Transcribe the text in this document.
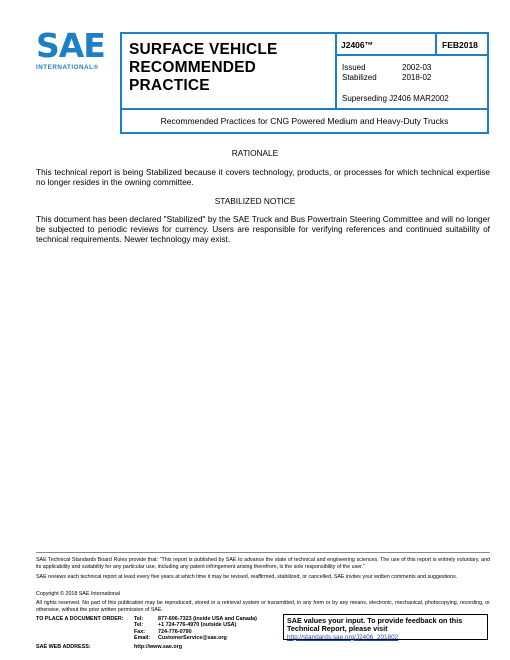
SAE
INTERNATIONAL®
SURFACE VEHICLE
RECOMMENDED PRACTICE
J2406™	FEB2018
Issued	2002-03
Stabilized	2018-02
Superseding J2406 MAR2002
Recommended Practices for CNG Powered Medium and Heavy-Duty Trucks
RATIONALE
This technical report is being Stabilized because it covers technology, products, or processes for which technical expertise no longer resides in the owning committee.
STABILIZED NOTICE
This document has been declared "Stabilized" by the SAE Truck and Bus Powertrain Steering Committee and will no longer be subjected to periodic reviews for currency. Users are responsible for verifying references and continued suitability of technical requirements. Newer technology may exist.
SAE Technical Standards Board Rules provide that: “This report is published by SAE to advance the state of technical and engineering sciences. The use of this report is entirely voluntary, and its applicability and suitability for any particular use, including any patent infringement arising therefrom, is the sole responsibility of the user.”
SAE reviews each technical report at least every five years at which time it may be revised, reaffirmed, stabilized, or cancelled. SAE invites your written comments and suggestions.
Copyright © 2018 SAE International
All rights reserved. No part of this publication may be reproduced, stored in a retrieval system or transmitted, in any form or by any means, electronic, mechanical, photocopying, recording, or otherwise, without the prior written permission of SAE.
TO PLACE A DOCUMENT ORDER: Tel:	877-606-7323 (inside USA and Canada)
Tel:	+1 724-776-4970 (outside USA)
Fax: 724-776-0790
Email: CustomerService@sae.org
SAE WEB ADDRESS:	http://www.sae.org
SAE values your input. To provide feedback on this Technical Report, please visit
http://standards.sae.org/J2406_201802
